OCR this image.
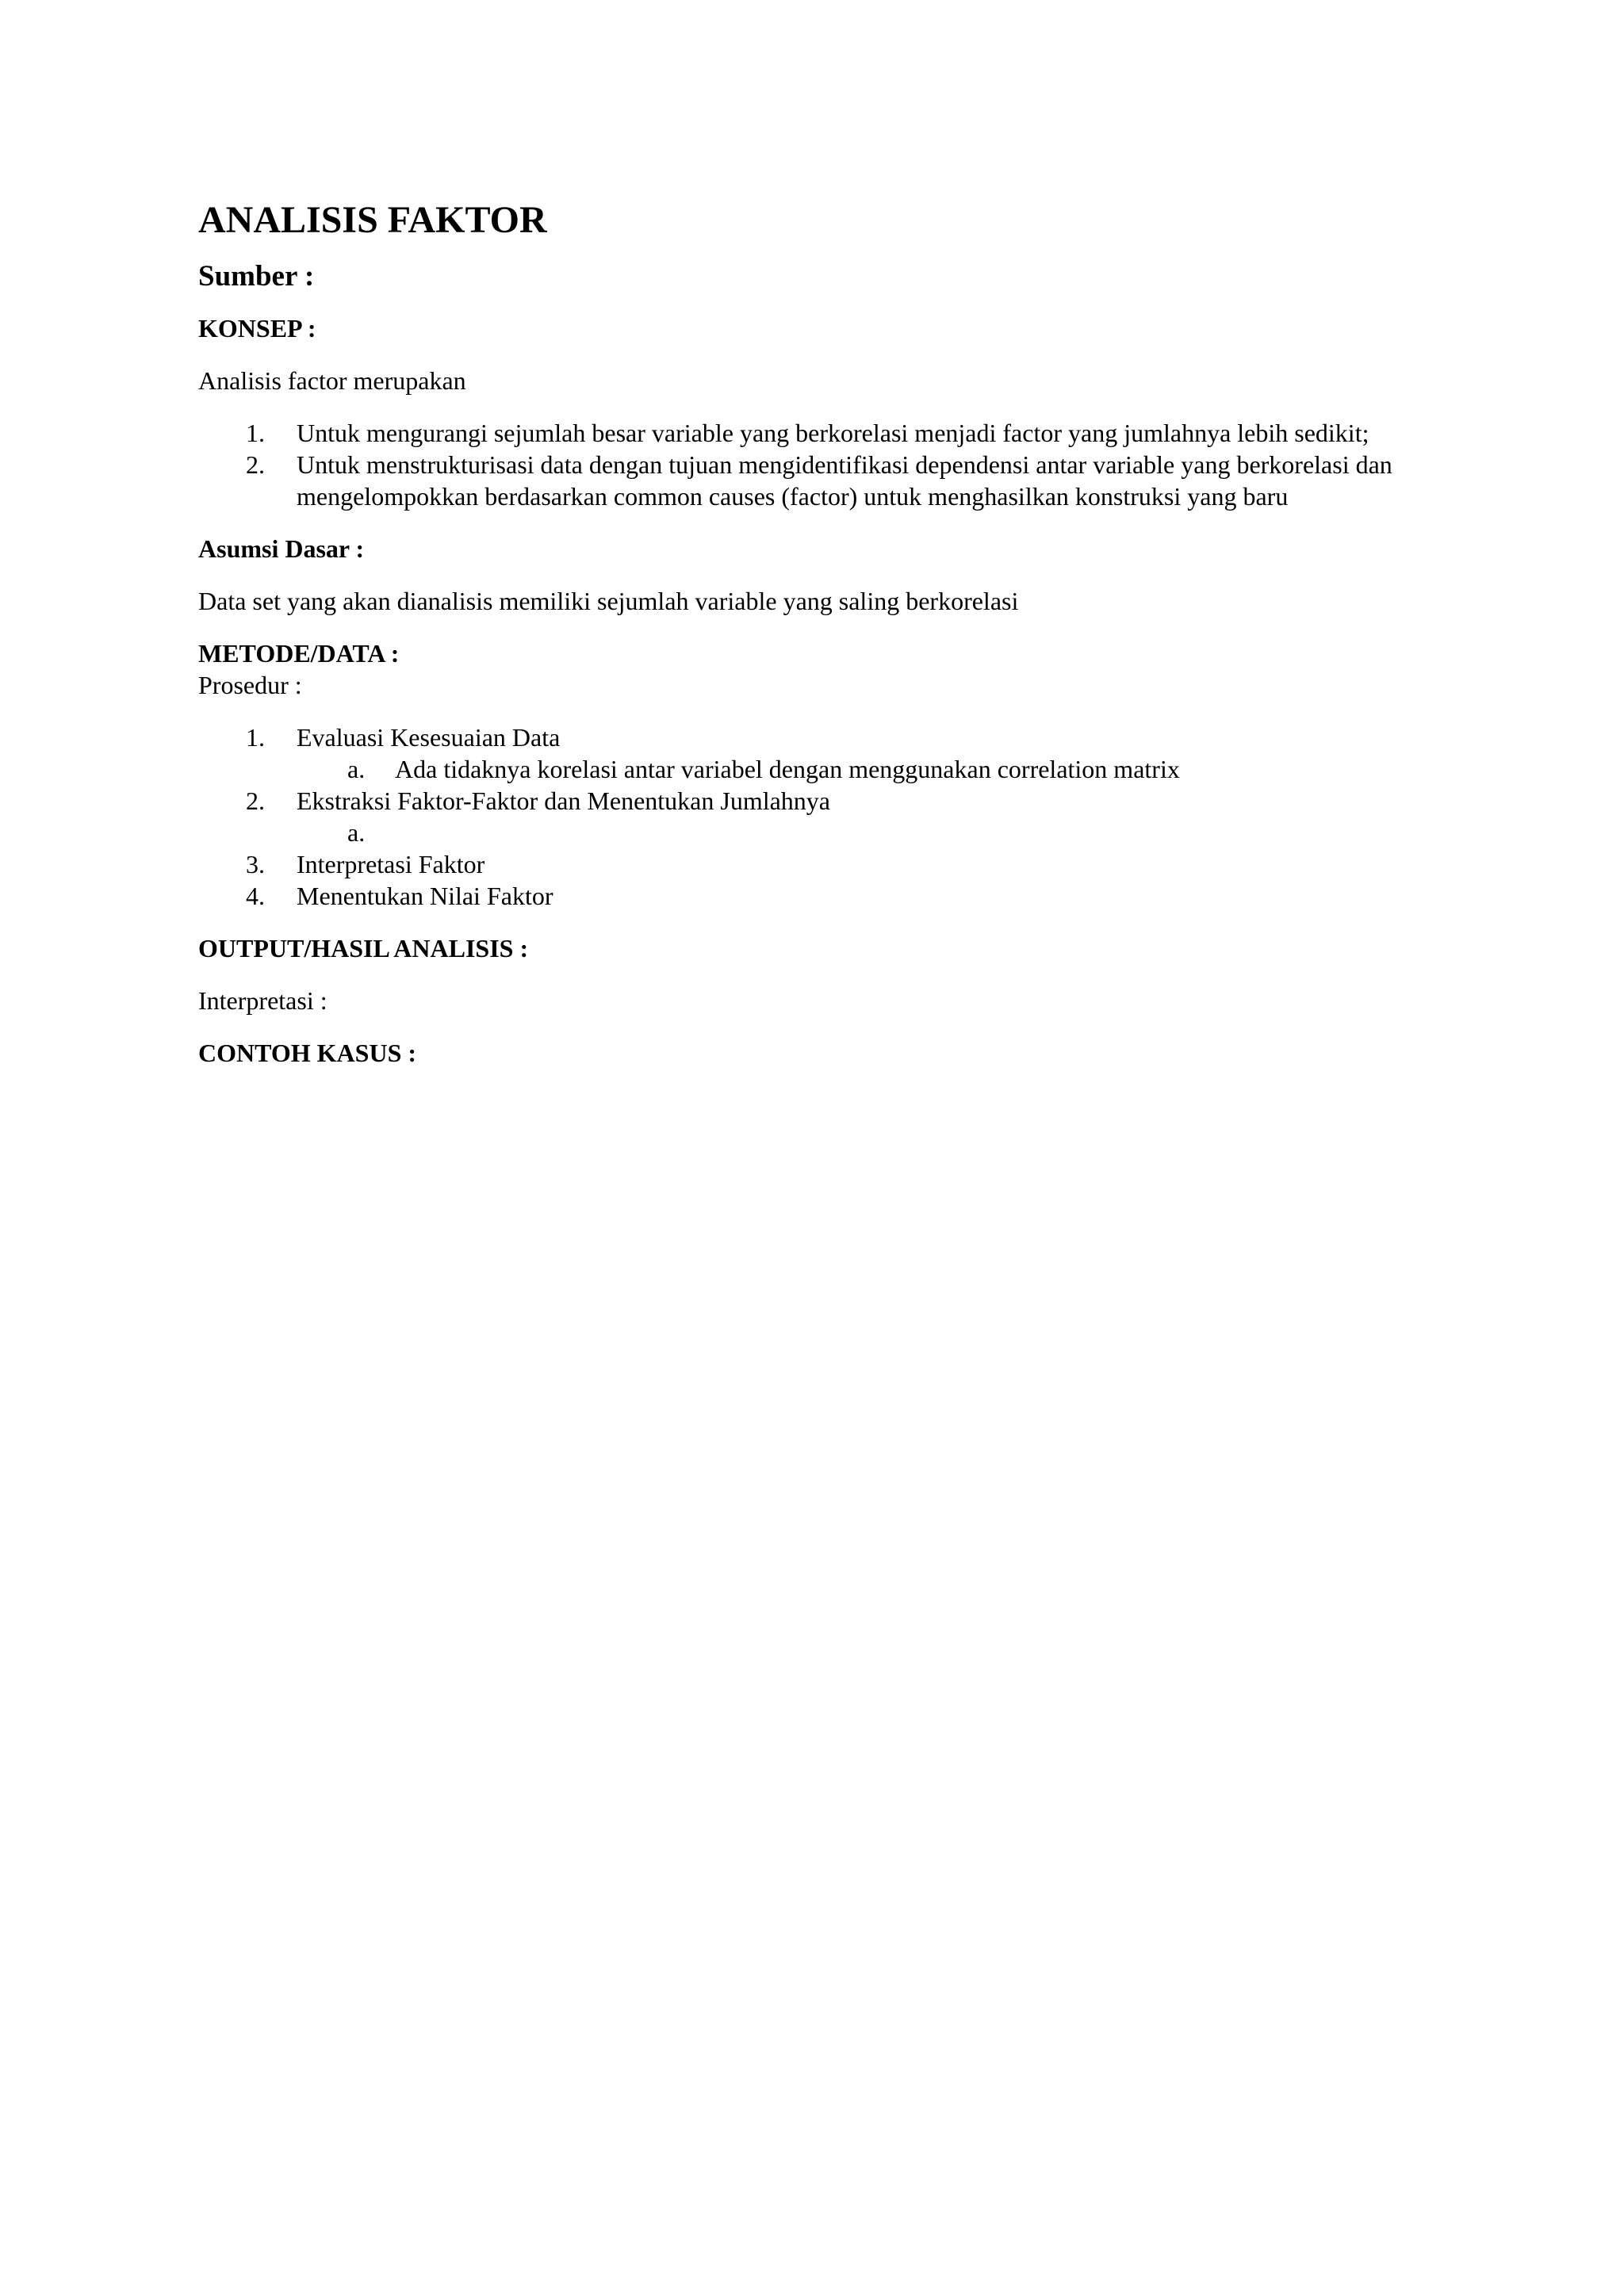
ANALISIS FAKTOR
Sumber :
KONSEP :
Analisis factor merupakan
1.	Untuk mengurangi sejumlah besar variable yang berkorelasi menjadi factor yang jumlahnya lebih sedikit;
2.	Untuk menstrukturisasi data dengan tujuan mengidentifikasi dependensi antar variable yang berkorelasi dan mengelompokkan berdasarkan common causes (factor) untuk menghasilkan konstruksi yang baru
Asumsi Dasar :
Data set yang akan dianalisis memiliki sejumlah variable yang saling berkorelasi
METODE/DATA :
Prosedur :
1.	Evaluasi Kesesuaian Data
a. Ada tidaknya korelasi antar variabel dengan menggunakan correlation matrix
2.	Ekstraksi Faktor-Faktor dan Menentukan Jumlahnya
a.
3.	Interpretasi Faktor
4.	Menentukan Nilai Faktor
OUTPUT/HASIL ANALISIS :
Interpretasi :
CONTOH KASUS :
